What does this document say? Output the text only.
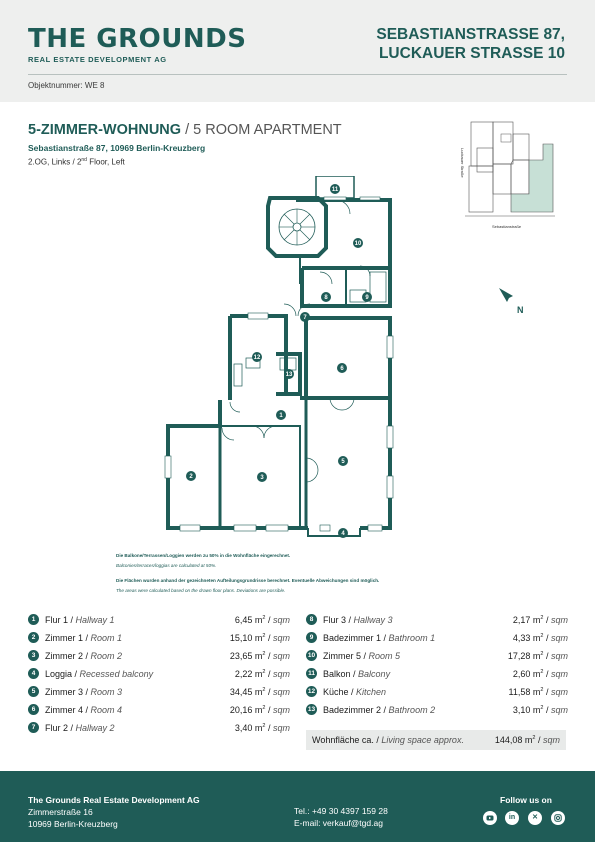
THE GROUNDS
REAL ESTATE DEVELOPMENT AG
SEBASTIANSTRASSE 87,
LUCKAUER STRASSE 10
Objektnummer: WE 8
5-ZIMMER-WOHNUNG / 5 ROOM APARTMENT
Sebastianstraße 87, 10969 Berlin-Kreuzberg
2.OG, Links / 2nd Floor, Left	Luckauer Straße
Sebastianstraße
N
1
2	3
4
5
6
7
8	9
10
11
12
13
Die Balkone/Terrassen/Loggien werden zu 50% in die Wohnfläche eingerechnet.
Balconies/terraces/loggias are calculated at 50%.
Die Flächen wurden anhand der gezeichneten Aufteilungsgrundrisse berechnet. Eventuelle Abweichungen sind möglich.
The areas were calculated based on the drawn floor plans. Deviations are possible.
1	Flur 1 / Hallway 1	6,45 $m^2$ / sqm
2	Zimmer 1 / Room 1	15,10 $m^2$ / sqm
3	Zimmer 2 / Room 2	23,65 $m^2$ / sqm
4	Loggia / Recessed balcony	2,22 $m^2$ / sqm
5	Zimmer 3 / Room 3	34,45 $m^2$ / sqm
6	Zimmer 4 / Room 4	20,16 $m^2$ / sqm
7	Flur 2 / Hallway 2	3,40 $m^2$ / sqm
8	Flur 3 / Hallway 3	2,17 $m^2$ / sqm
9	Badezimmer 1 / Bathroom 1	4,33 $m^2$ / sqm
10 Zimmer 5 / Room 5	17,28 $m^2$ / sqm
11 Balkon / Balcony	2,60 $m^2$ / sqm
12 Küche / Kitchen	11,58 $m^2$ / sqm
13 Badezimmer 2 / Bathroom 2	3,10 $m^2$ / sqm
Wohnfläche ca. / Living space approx.	144,08 $m^2$ / sqm
The Grounds Real Estate Development AG
Zimmerstraße 16
10969 Berlin-Kreuzberg
Tel.: +49 30 4397 159 28
E-mail: verkauf@tgd.ag
Follow us on
in	✕
